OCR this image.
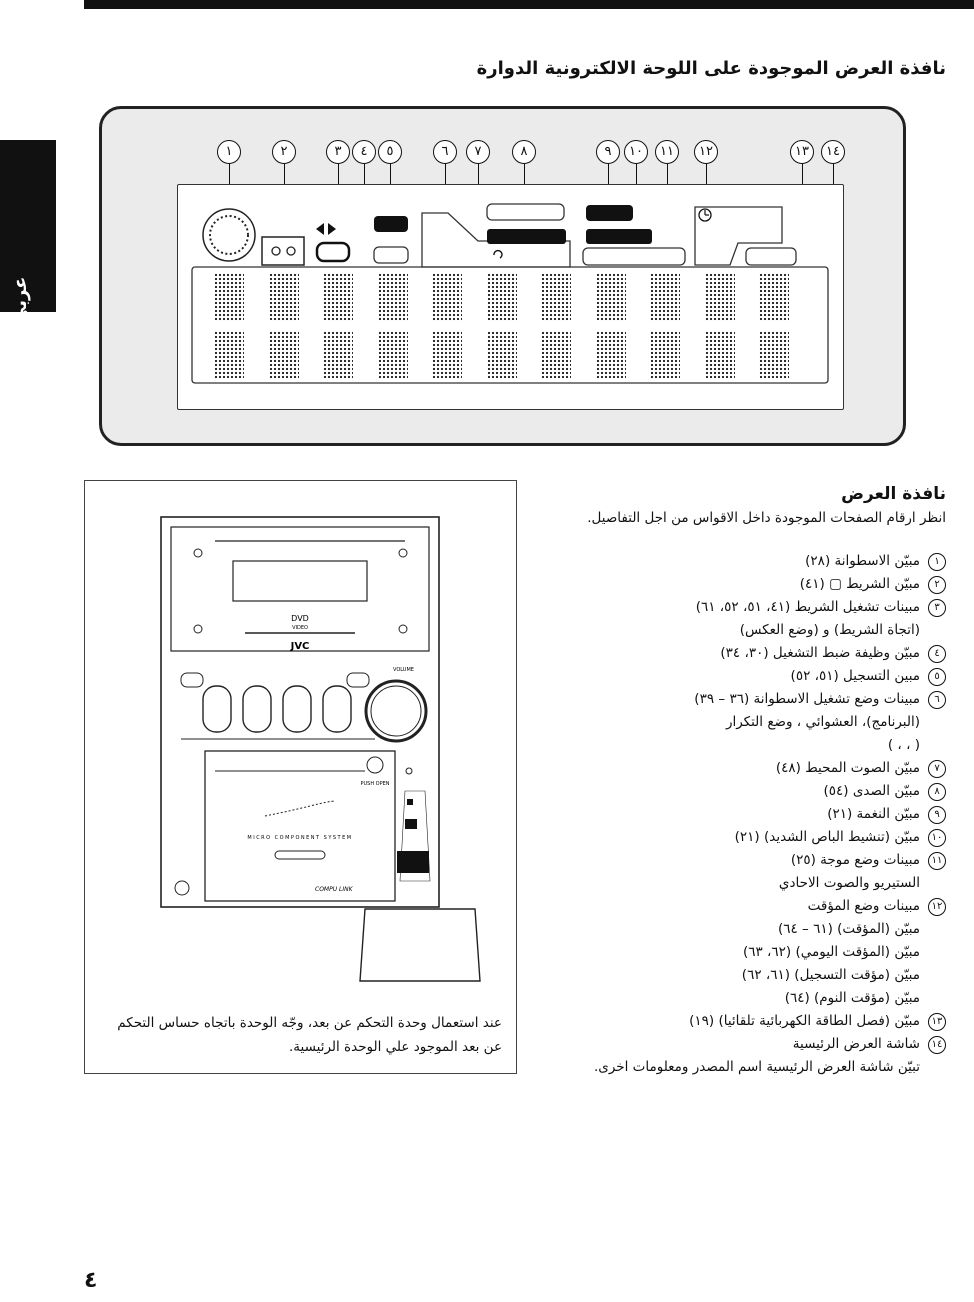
عربي
نافذة العرض الموجودة على اللوحة الالكترونية الدوارة
١	٢	٣	٤	٥	٦	٧	٨	٩	١٠	١١	١٢	١٣	١٤
DVD
VIDEO
JVC
VOLUME
PUSH OPEN
MICRO COMPONENT SYSTEM
COMPU LINK
عند استعمال وحدة التحكم عن بعد، وجّه الوحدة باتجاه حساس التحكم عن بعد الموجود علي الوحدة الرئيسية.
نافذة العرض
انظر ارقام الصفحات الموجودة داخل الاقواس من اجل التفاصيل.
١
مبيّن الاسطوانة (٢٨)
٢
مبيّن الشريط ▢ (٤١)
٣
مبينات تشغيل الشريط (٤١، ٥١، ٥٢، ٦١)
(اتجاة الشريط) و (وضع العكس)
٤
مبيّن وظيفة ضبط التشغيل (٣٠، ٣٤)
٥
مبين التسجيل (٥١، ٥٢)
٦
مبينات وضع تشغيل الاسطوانة (٣٦ – ٣٩)
(البرنامج)، العشوائي ، وضع التكرار
( ، ، )
٧
مبيّن الصوت المحيط (٤٨)
٨
مبيّن الصدى (٥٤)
٩
مبيّن النغمة (٢١)
١٠
مبيّن (تنشيط الباص الشديد) (٢١)
١١
مبينات وضع موجة (٢٥)
الستيريو والصوت الاحادي
١٢
مبينات وضع المؤقت
مبيّن (المؤقت) (٦١ – ٦٤)
مبيّن (المؤقت اليومي) (٦٢، ٦٣)
مبيّن (مؤقت التسجيل) (٦١، ٦٢)
مبيّن (مؤقت النوم) (٦٤)
١٣
مبيّن (فصل الطاقة الكهربائية تلقائيا) (١٩)
١٤
شاشة العرض الرئيسية
تبيّن شاشة العرض الرئيسية اسم المصدر ومعلومات اخرى.
٤
